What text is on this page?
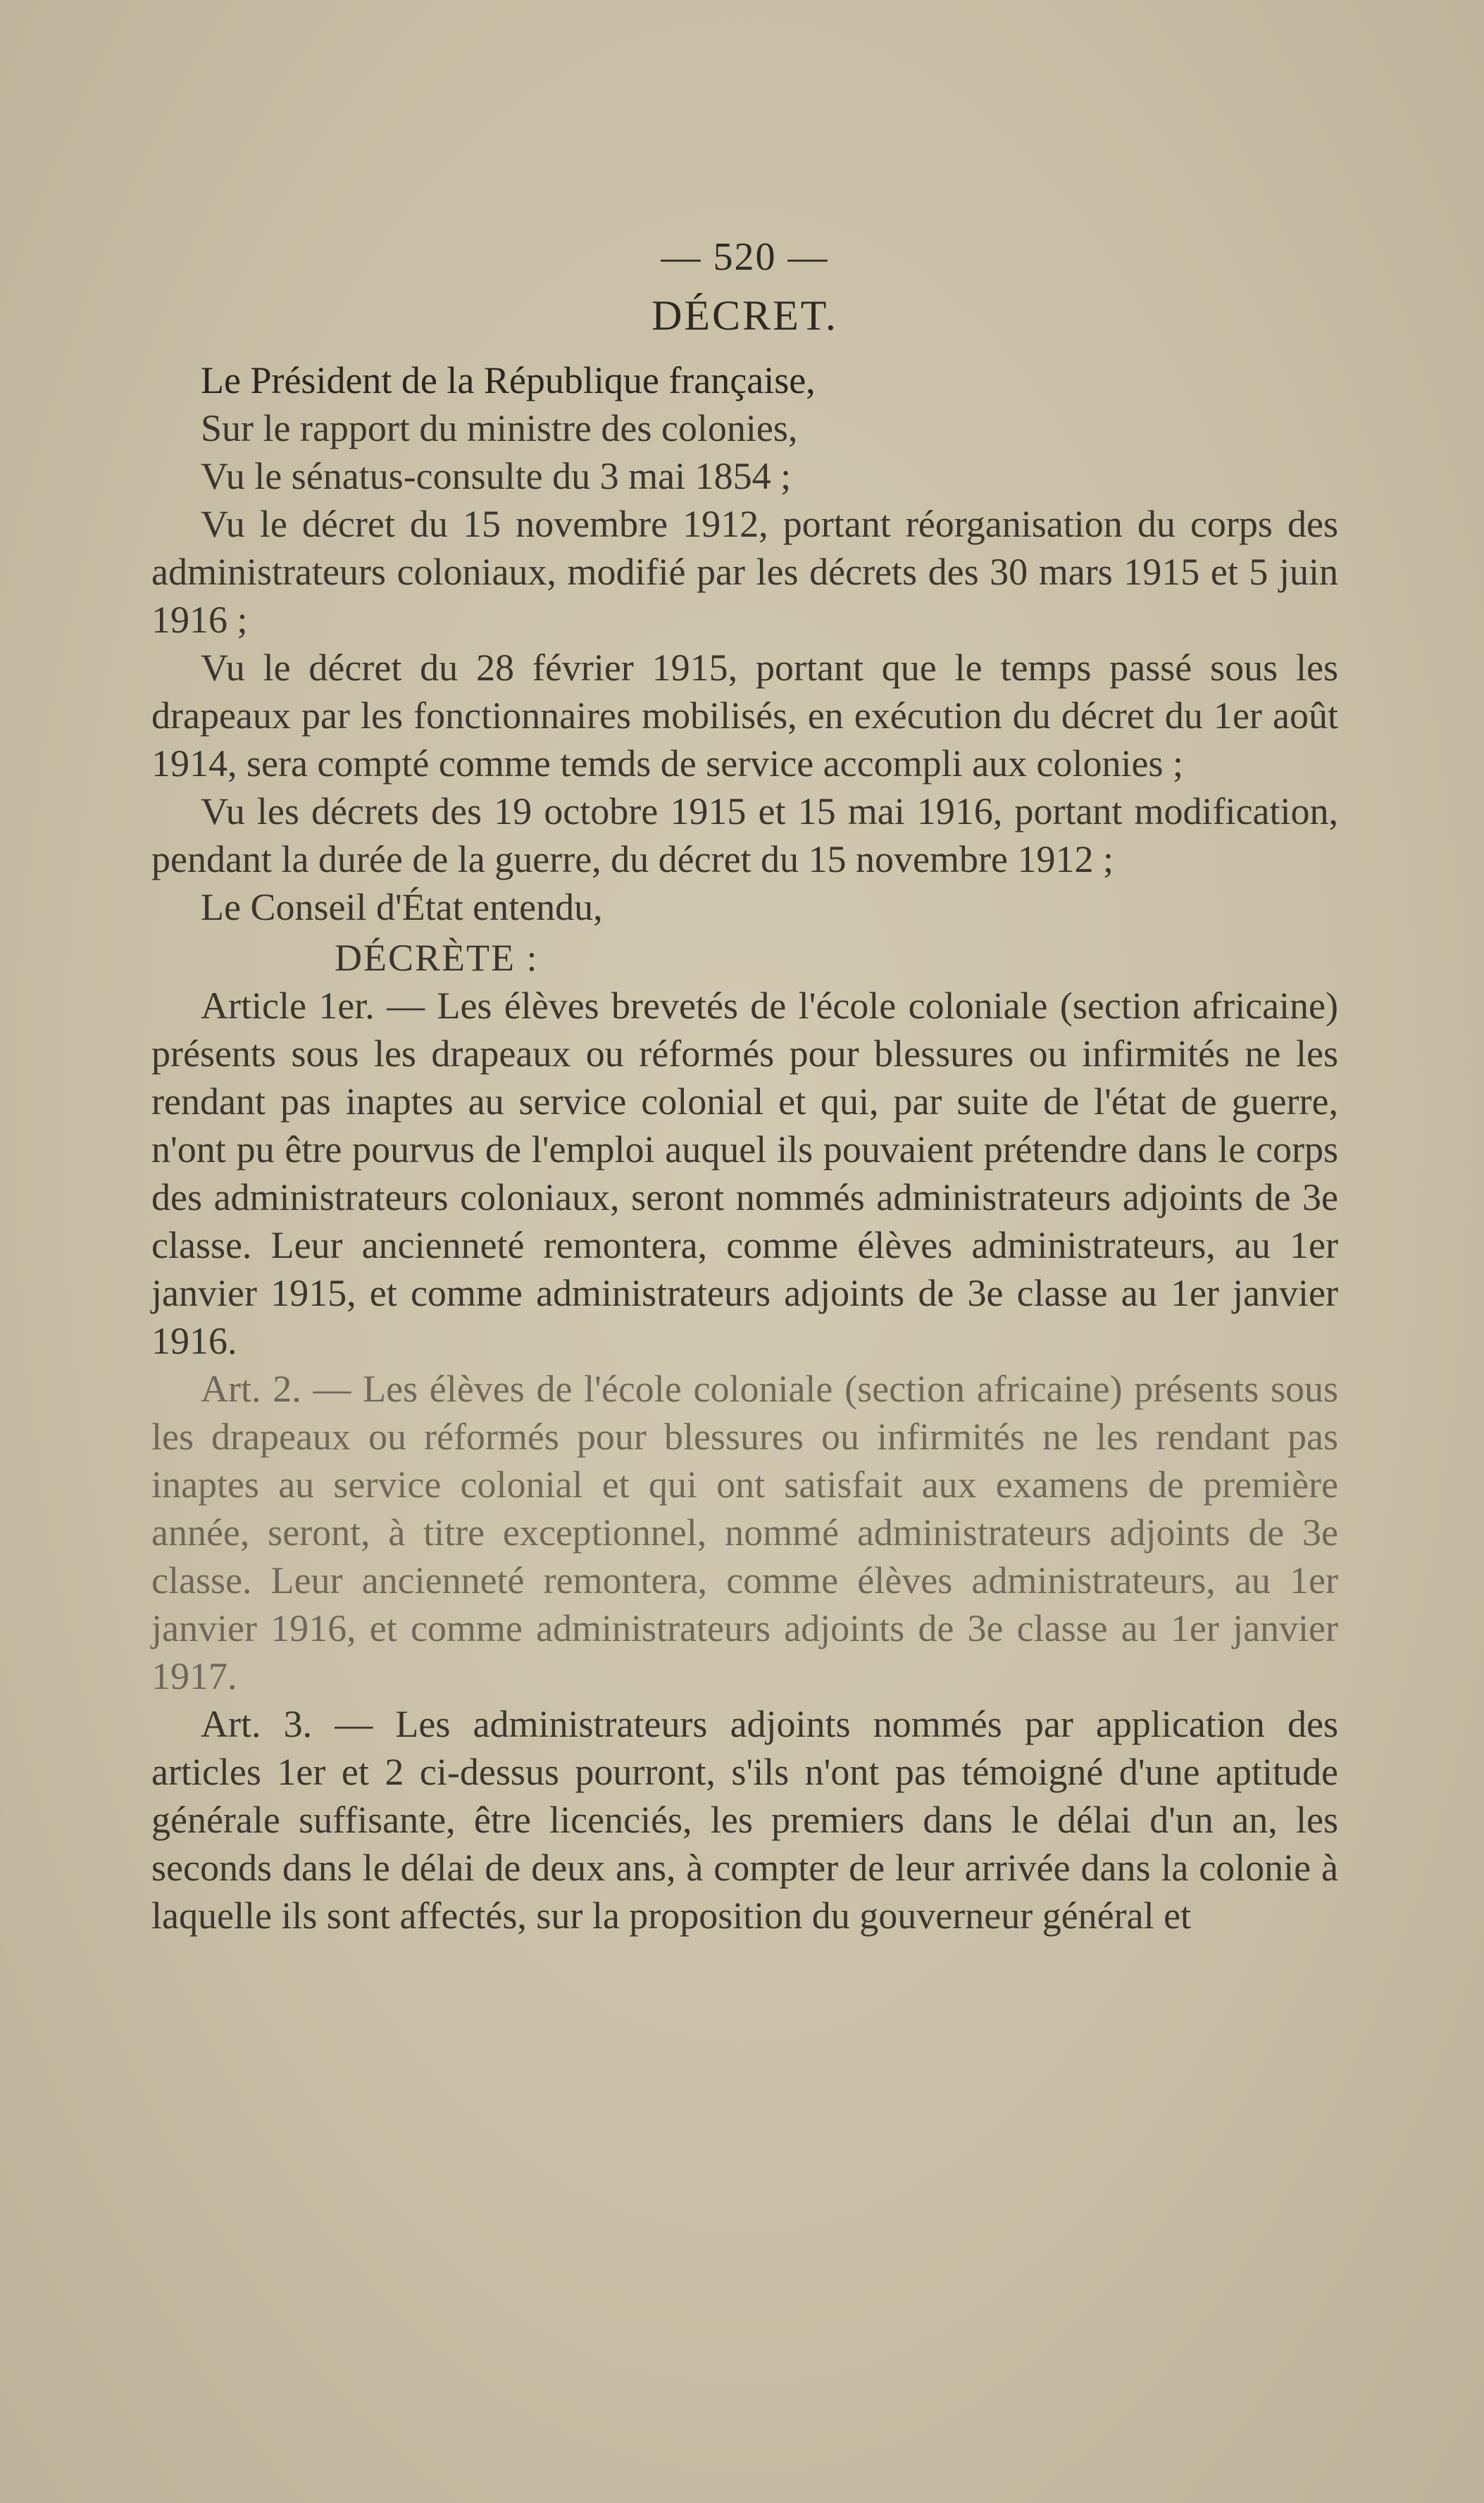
— 520 —
DÉCRET.

Le Président de la République française,

Sur le rapport du ministre des colonies,

Vu le sénatus-consulte du 3 mai 1854 ;

Vu le décret du 15 novembre 1912, portant réorganisation du corps des administrateurs coloniaux, modifié par les décrets des 30 mars 1915 et 5 juin 1916 ;

Vu le décret du 28 février 1915, portant que le temps passé sous les drapeaux par les fonctionnaires mobilisés, en exécution du décret du 1er août 1914, sera compté comme temds de service accompli aux colonies ;

Vu les décrets des 19 octobre 1915 et 15 mai 1916, portant modification, pendant la durée de la guerre, du décret du 15 novembre 1912 ;

Le Conseil d'État entendu,

DÉCRÈTE :

Article 1er. — Les élèves brevetés de l'école coloniale (section africaine) présents sous les drapeaux ou réformés pour blessures ou infirmités ne les rendant pas inaptes au service colonial et qui, par suite de l'état de guerre, n'ont pu être pourvus de l'emploi auquel ils pouvaient prétendre dans le corps des administrateurs coloniaux, seront nommés administrateurs adjoints de 3e classe. Leur ancienneté remontera, comme élèves administrateurs, au 1er janvier 1915, et comme administrateurs adjoints de 3e classe au 1er janvier 1916.

Art. 2. — Les élèves de l'école coloniale (section africaine) présents sous les drapeaux ou réformés pour blessures ou infirmités ne les rendant pas inaptes au service colonial et qui ont satisfait aux examens de première année, seront, à titre exceptionnel, nommé administrateurs adjoints de 3e classe. Leur ancienneté remontera, comme élèves administrateurs, au 1er janvier 1916, et comme administrateurs adjoints de 3e classe au 1er janvier 1917.

Art. 3. — Les administrateurs adjoints nommés par application des articles 1er et 2 ci-dessus pourront, s'ils n'ont pas témoigné d'une aptitude générale suffisante, être licenciés, les premiers dans le délai d'un an, les seconds dans le délai de deux ans, à compter de leur arrivée dans la colonie à laquelle ils sont affectés, sur la proposition du gouverneur général et
